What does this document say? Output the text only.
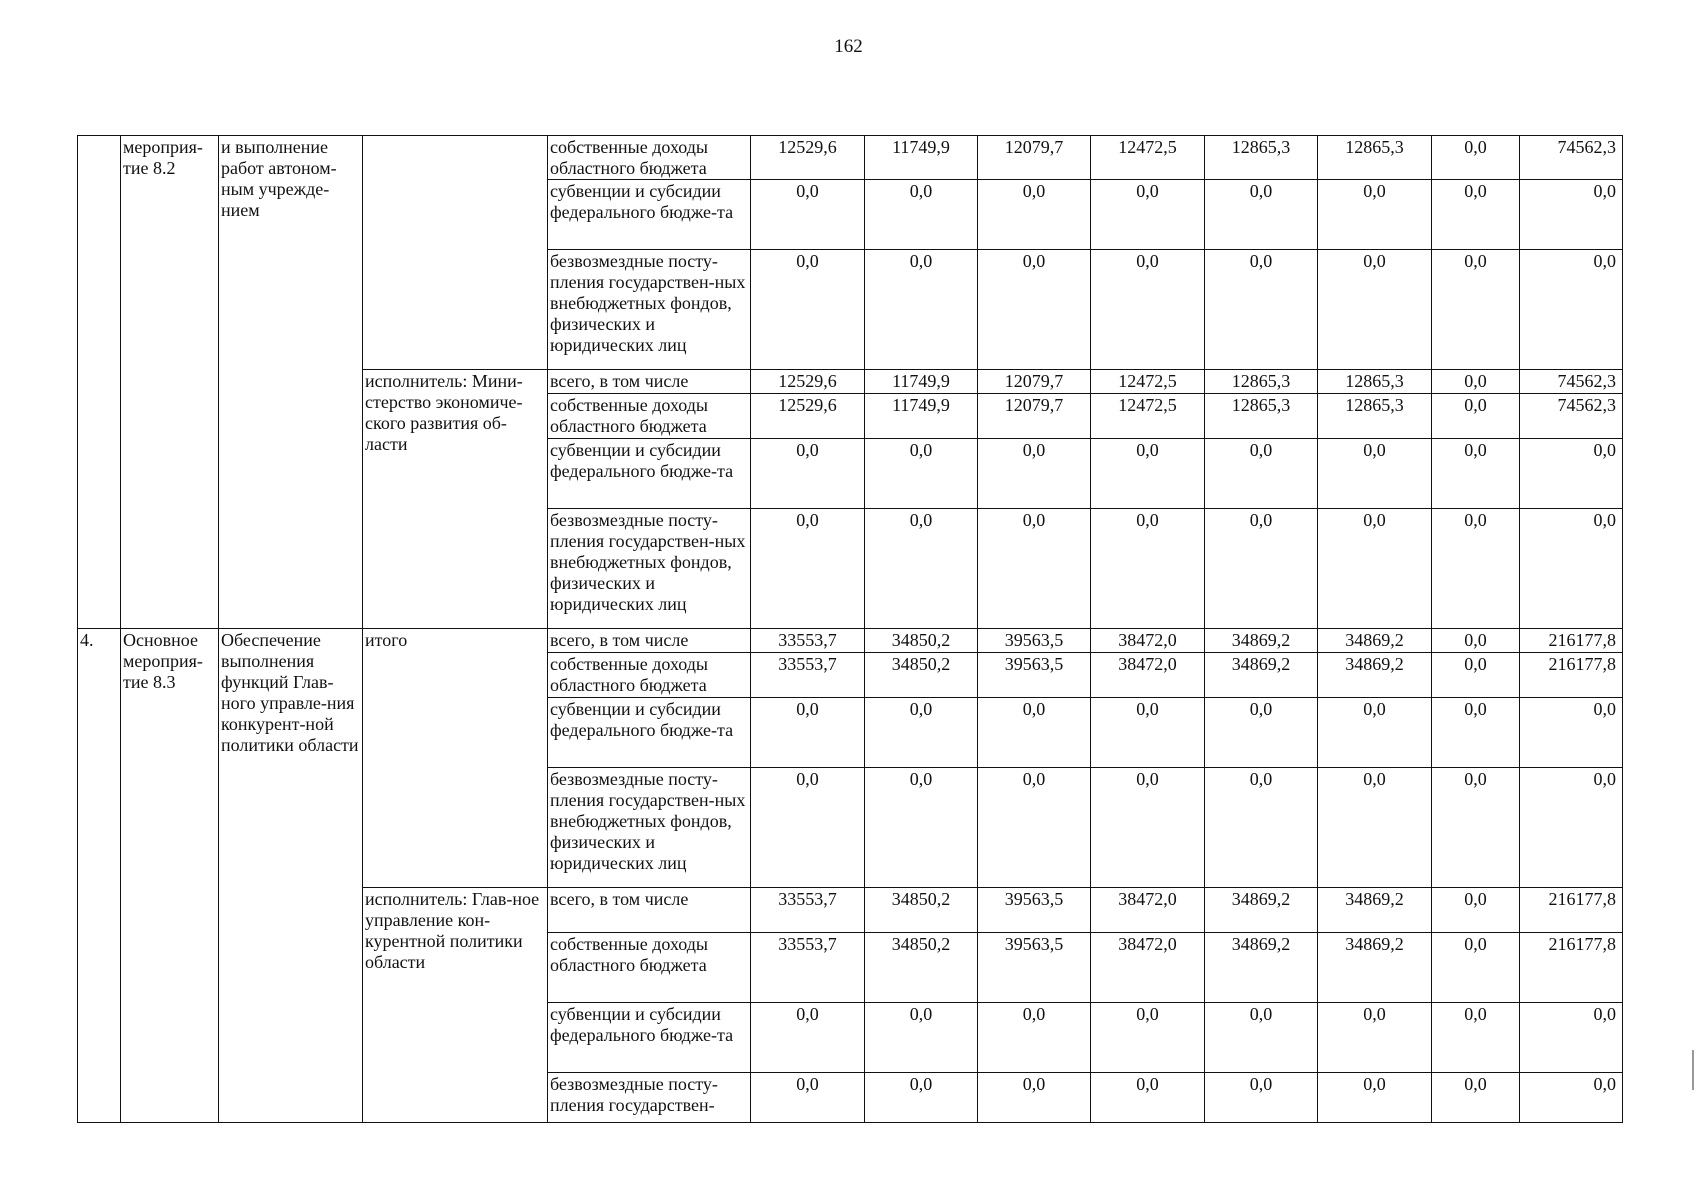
162
	мероприя-тие 8.2	и выполнение работ автоном-ным учрежде-нием		собственные доходы областного бюджета	12529,6	11749,9	12079,7	12472,5	12865,3	12865,3	0,0	74562,3
				субвенции и субсидии федерального бюдже-та	0,0	0,0	0,0	0,0	0,0	0,0	0,0	0,0
				безвозмездные посту-пления государствен-ных внебюджетных фондов, физических и юридических лиц	0,0	0,0	0,0	0,0	0,0	0,0	0,0	0,0
			исполнитель: Мини-стерство экономиче-ского развития об-ласти	всего, в том числе	12529,6	11749,9	12079,7	12472,5	12865,3	12865,3	0,0	74562,3
				собственные доходы областного бюджета	12529,6	11749,9	12079,7	12472,5	12865,3	12865,3	0,0	74562,3
				субвенции и субсидии федерального бюдже-та	0,0	0,0	0,0	0,0	0,0	0,0	0,0	0,0
				безвозмездные посту-пления государствен-ных внебюджетных фондов, физических и юридических лиц	0,0	0,0	0,0	0,0	0,0	0,0	0,0	0,0
4.	Основное мероприя-тие 8.3	Обеспечение выполнения функций Глав-ного управле-ния конкурент-ной политики области	итого	всего, в том числе	33553,7	34850,2	39563,5	38472,0	34869,2	34869,2	0,0	216177,8
				собственные доходы областного бюджета	33553,7	34850,2	39563,5	38472,0	34869,2	34869,2	0,0	216177,8
				субвенции и субсидии федерального бюдже-та	0,0	0,0	0,0	0,0	0,0	0,0	0,0	0,0
				безвозмездные посту-пления государствен-ных внебюджетных фондов, физических и юридических лиц	0,0	0,0	0,0	0,0	0,0	0,0	0,0	0,0
			исполнитель: Глав-ное управление кон-курентной политики области	всего, в том числе	33553,7	34850,2	39563,5	38472,0	34869,2	34869,2	0,0	216177,8
				собственные доходы областного бюджета	33553,7	34850,2	39563,5	38472,0	34869,2	34869,2	0,0	216177,8
				субвенции и субсидии федерального бюдже-та	0,0	0,0	0,0	0,0	0,0	0,0	0,0	0,0
				безвозмездные посту-пления государствен-	0,0	0,0	0,0	0,0	0,0	0,0	0,0	0,0
